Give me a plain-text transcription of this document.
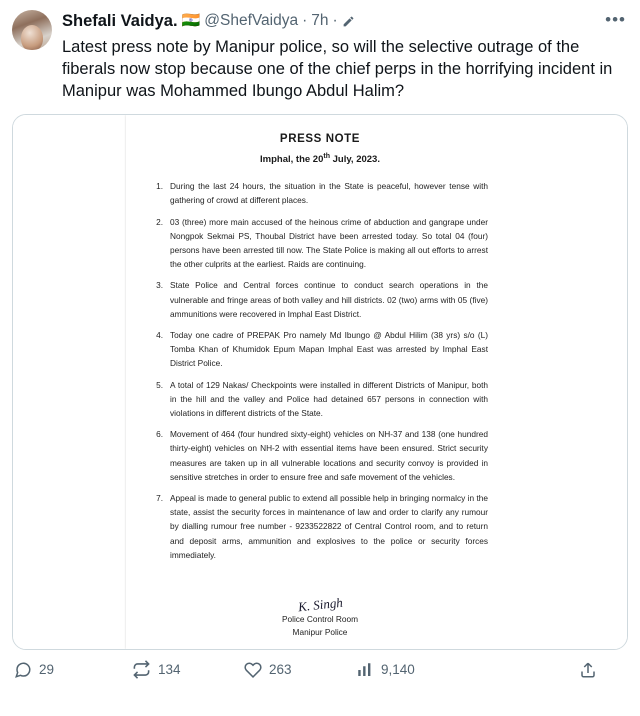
•••
Shefali Vaidya. 🇮🇳 @ShefVaidya · 7h ·
Latest press note by Manipur police, so will the selective outrage of the fiberals now stop because one of the chief perps in the horrifying incident in Manipur was Mohammed Ibungo Abdul Halim?
PRESS NOTE
Imphal, the 20th July, 2023.
1. During the last 24 hours, the situation in the State is peaceful, however tense with gathering of crowd at different places.
2. 03 (three) more main accused of the heinous crime of abduction and gangrape under Nongpok Sekmai PS, Thoubal District have been arrested today. So total 04 (four) persons have been arrested till now. The State Police is making all out efforts to arrest the other culprits at the earliest. Raids are continuing.
3. State Police and Central forces continue to conduct search operations in the vulnerable and fringe areas of both valley and hill districts. 02 (two) arms with 05 (five) ammunitions were recovered in Imphal East District.
4. Today one cadre of PREPAK Pro namely Md Ibungo @ Abdul Hilim (38 yrs) s/o (L) Tomba Khan of Khumidok Epum Mapan Imphal East was arrested by Imphal East District Police.
5. A total of 129 Nakas/ Checkpoints were installed in different Districts of Manipur, both in the hill and the valley and Police had detained 657 persons in connection with violations in different districts of the State.
6. Movement of 464 (four hundred sixty-eight) vehicles on NH-37 and 138 (one hundred thirty-eight) vehicles on NH-2 with essential items have been ensured. Strict security measures are taken up in all vulnerable locations and security convoy is provided in sensitive stretches in order to ensure free and safe movement of the vehicles.
7. Appeal is made to general public to extend all possible help in bringing normalcy in the state, assist the security forces in maintenance of law and order to clarify any rumour by dialling rumour free number - 9233522822 of Central Control room, and to return and deposit arms, ammunition and explosives to the police or security forces immediately.
K. Singh
Police Control Room
Manipur Police
29	134	263	9,140
